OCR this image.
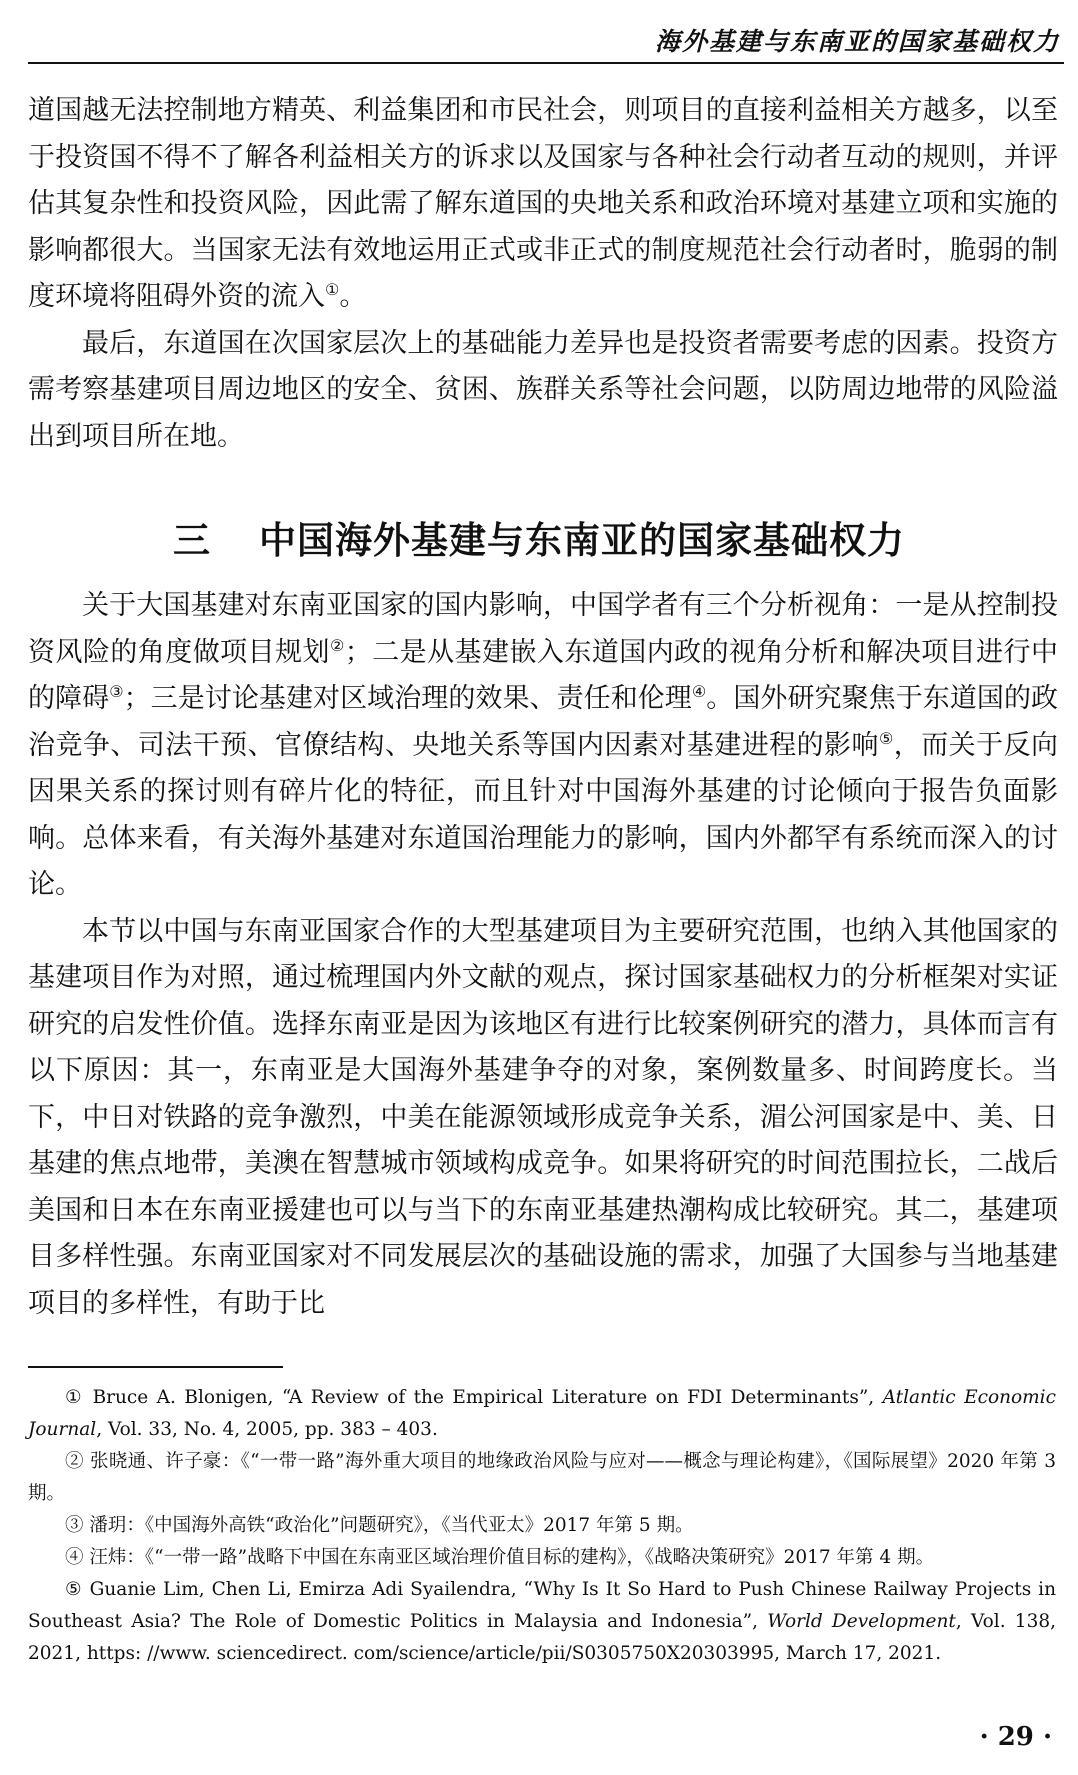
海外基建与东南亚的国家基础权力

道国越无法控制地方精英、利益集团和市民社会，则项目的直接利益相关方越多，以至于投资国不得不了解各利益相关方的诉求以及国家与各种社会行动者互动的规则，并评估其复杂性和投资风险，因此需了解东道国的央地关系和政治环境对基建立项和实施的影响都很大。当国家无法有效地运用正式或非正式的制度规范社会行动者时，脆弱的制度环境将阻碍外资的流入①。

最后，东道国在次国家层次上的基础能力差异也是投资者需要考虑的因素。投资方需考察基建项目周边地区的安全、贫困、族群关系等社会问题，以防周边地带的风险溢出到项目所在地。

三 中国海外基建与东南亚的国家基础权力

关于大国基建对东南亚国家的国内影响，中国学者有三个分析视角：一是从控制投资风险的角度做项目规划②；二是从基建嵌入东道国内政的视角分析和解决项目进行中的障碍③；三是讨论基建对区域治理的效果、责任和伦理④。国外研究聚焦于东道国的政治竞争、司法干预、官僚结构、央地关系等国内因素对基建进程的影响⑤，而关于反向因果关系的探讨则有碎片化的特征，而且针对中国海外基建的讨论倾向于报告负面影响。总体来看，有关海外基建对东道国治理能力的影响，国内外都罕有系统而深入的讨论。

本节以中国与东南亚国家合作的大型基建项目为主要研究范围，也纳入其他国家的基建项目作为对照，通过梳理国内外文献的观点，探讨国家基础权力的分析框架对实证研究的启发性价值。选择东南亚是因为该地区有进行比较案例研究的潜力，具体而言有以下原因：其一，东南亚是大国海外基建争夺的对象，案例数量多、时间跨度长。当下，中日对铁路的竞争激烈，中美在能源领域形成竞争关系，湄公河国家是中、美、日基建的焦点地带，美澳在智慧城市领域构成竞争。如果将研究的时间范围拉长，二战后美国和日本在东南亚援建也可以与当下的东南亚基建热潮构成比较研究。其二，基建项目多样性强。东南亚国家对不同发展层次的基础设施的需求，加强了大国参与当地基建项目的多样性，有助于比

① Bruce A. Blonigen, “A Review of the Empirical Literature on FDI Determinants”, Atlantic Economic Journal, Vol. 33, No. 4, 2005, pp. 383 – 403.

② 张晓通、许子豪：《“一带一路”海外重大项目的地缘政治风险与应对——概念与理论构建》，《国际展望》2020 年第 3 期。

③ 潘玥：《中国海外高铁“政治化”问题研究》，《当代亚太》2017 年第 5 期。

④ 汪炜：《“一带一路”战略下中国在东南亚区域治理价值目标的建构》，《战略决策研究》2017 年第 4 期。

⑤ Guanie Lim, Chen Li, Emirza Adi Syailendra, “Why Is It So Hard to Push Chinese Railway Projects in Southeast Asia? The Role of Domestic Politics in Malaysia and Indonesia”, World Development, Vol. 138, 2021, https: //www. sciencedirect. com/science/article/pii/S0305750X20303995, March 17, 2021.

· 29 ·
